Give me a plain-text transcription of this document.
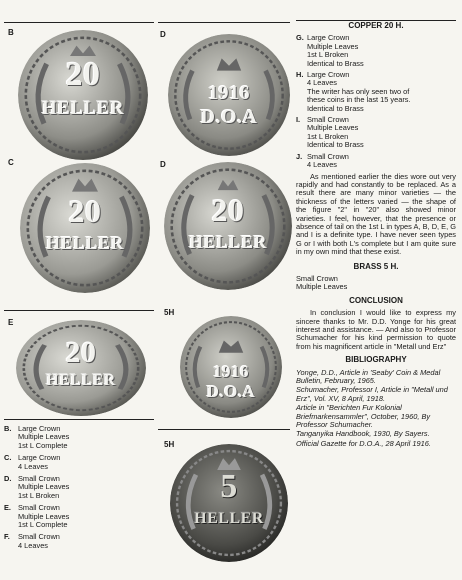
B	D
C	D
E
5H
5H
20
HELLER
1916
D.O.A
20
HELLER
20
HELLER
20
HELLER	1916
D.O.A
5
HELLER
COPPER 20 H.
G. Large Crown
Multiple Leaves
1st L Broken
Identical to Brass
H. Large Crown
4 Leaves
The writer has only seen two of
these coins in the last 15 years.
Identical to Brass
I. Small Crown
Multiple Leaves
1st L Broken
Identical to Brass
J. Small Crown
4 Leaves

As mentioned earlier the dies wore out very rapidly and had constantly to be replaced. As a result there are many minor varieties — the thickness of the letters varied — the shape of the figure "2" in "20" also showed minor varieties. I feel, however, that the presence or absence of tail on the 1st L in types A, B, D, E, G and I is a definite type. I have never seen types G or I with both L's complete but I am quite sure in my own mind that these exist.

BRASS 5 H.
Small Crown
Multiple Leaves
CONCLUSION

In conclusion I would like to express my sincere thanks to Mr. D.D. Yonge for his great interest and assistance. — And also to Professor Schumacher for his kind permission to quote from his magnificent article in "Metall und Erz"

BIBLIOGRAPHY
Yonge, D.D., Article in 'Seaby' Coin & Medal Bulletin, February, 1965.
Schumacher, Professor I, Article in "Metall und Erz", Vol. XV, 8 April, 1918.
Article in "Berichten Fur Kolonial Briefmarkensammler", October, 1960, By Professor Schumacher.
Tanganyika Handbook, 1930, By Sayers.
Official Gazette for D.O.A., 28 April 1916.
B. Large Crown
Multiple Leaves
1st L Complete
C. Large Crown
4 Leaves
D. Small Crown
Multiple Leaves
1st L Broken
E. Small Crown
Multiple Leaves
1st L Complete
F.	Small Crown
4 Leaves
